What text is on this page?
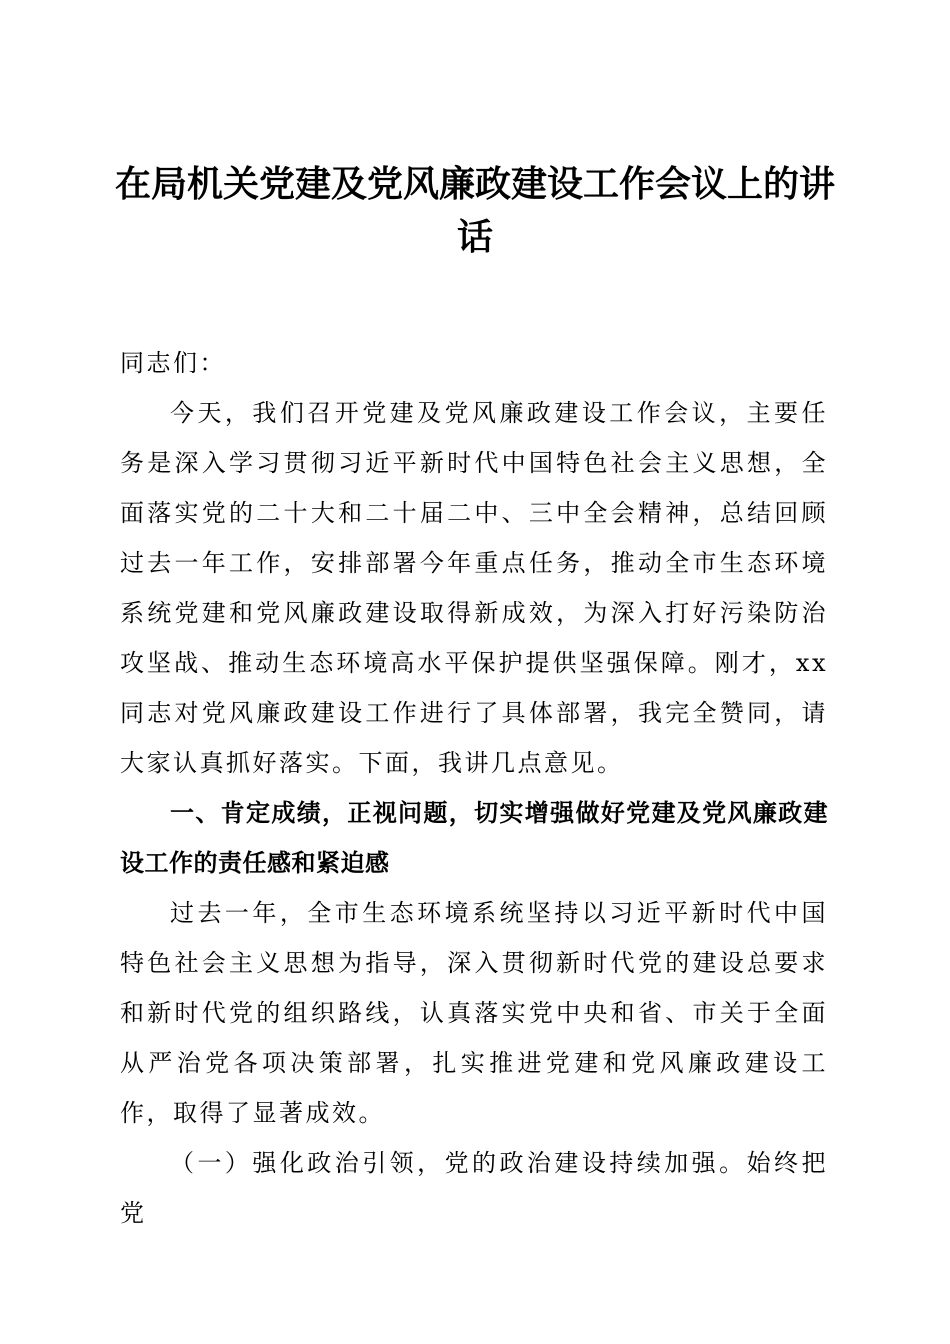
在局机关党建及党风廉政建设工作会议上的讲话

同志们：

今天，我们召开党建及党风廉政建设工作会议，主要任务是深入学习贯彻习近平新时代中国特色社会主义思想，全面落实党的二十大和二十届二中、三中全会精神，总结回顾过去一年工作，安排部署今年重点任务，推动全市生态环境系统党建和党风廉政建设取得新成效，为深入打好污染防治攻坚战、推动生态环境高水平保护提供坚强保障。刚才，xx同志对党风廉政建设工作进行了具体部署，我完全赞同，请大家认真抓好落实。下面，我讲几点意见。

一、肯定成绩，正视问题，切实增强做好党建及党风廉政建设工作的责任感和紧迫感

过去一年，全市生态环境系统坚持以习近平新时代中国特色社会主义思想为指导，深入贯彻新时代党的建设总要求和新时代党的组织路线，认真落实党中央和省、市关于全面从严治党各项决策部署，扎实推进党建和党风廉政建设工作，取得了显著成效。

（一）强化政治引领，党的政治建设持续加强。始终把党
